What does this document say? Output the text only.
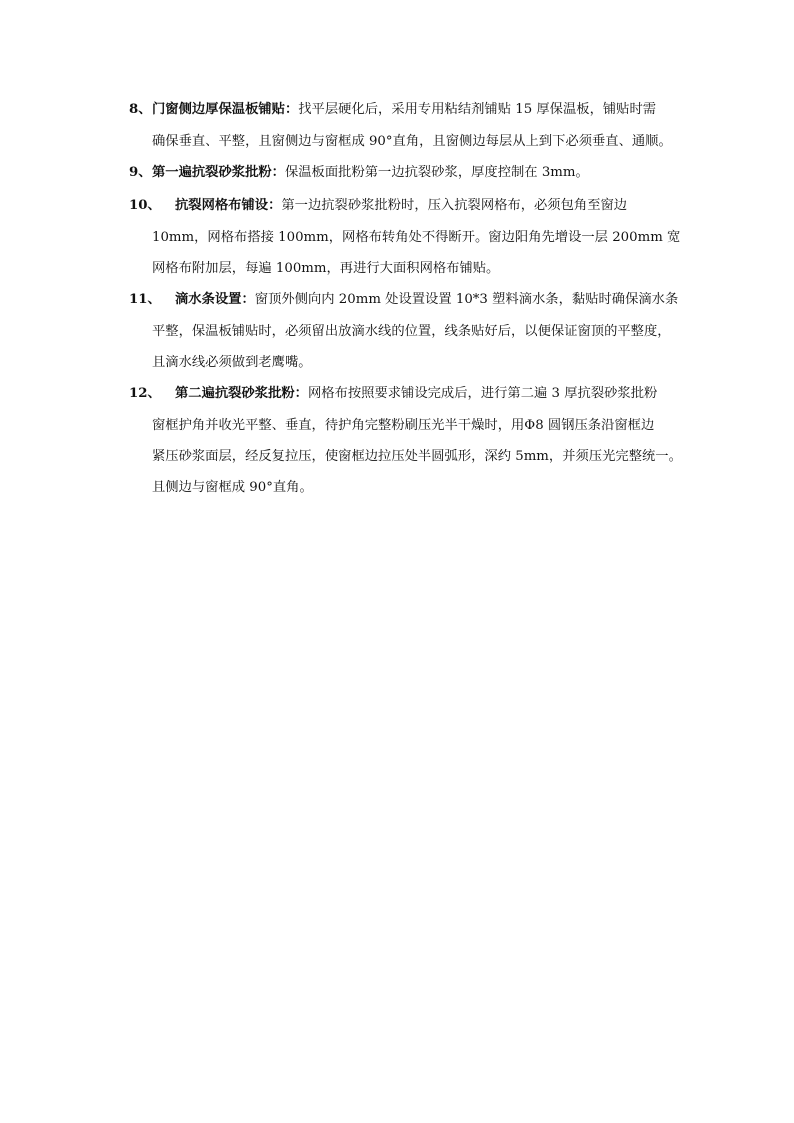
8、 门窗侧边厚保温板铺贴：找平层硬化后，采用专用粘结剂铺贴 15 厚保温板，铺贴时需
确保垂直、平整，且窗侧边与窗框成 90°直角，且窗侧边每层从上到下必须垂直、通顺。
9、 第一遍抗裂砂浆批粉：保温板面批粉第一边抗裂砂浆，厚度控制在 3mm。
10、 抗裂网格布铺设：第一边抗裂砂浆批粉时，压入抗裂网格布，必须包角至窗边
10mm，网格布搭接 100mm，网格布转角处不得断开。窗边阳角先增设一层 200mm 宽
网格布附加层，每遍 100mm，再进行大面积网格布铺贴。
11、 滴水条设置：窗顶外侧向内 20mm 处设置设置 10*3 塑料滴水条，黏贴时确保滴水条
平整，保温板铺贴时，必须留出放滴水线的位置，线条贴好后，以便保证窗顶的平整度，
且滴水线必须做到老鹰嘴。
12、 第二遍抗裂砂浆批粉：网格布按照要求铺设完成后，进行第二遍 3 厚抗裂砂浆批粉
窗框护角并收光平整、垂直，待护角完整粉刷压光半干燥时，用Φ8 圆钢压条沿窗框边
紧压砂浆面层，经反复拉压，使窗框边拉压处半圆弧形，深约 5mm，并须压光完整统一。
且侧边与窗框成 90°直角。
